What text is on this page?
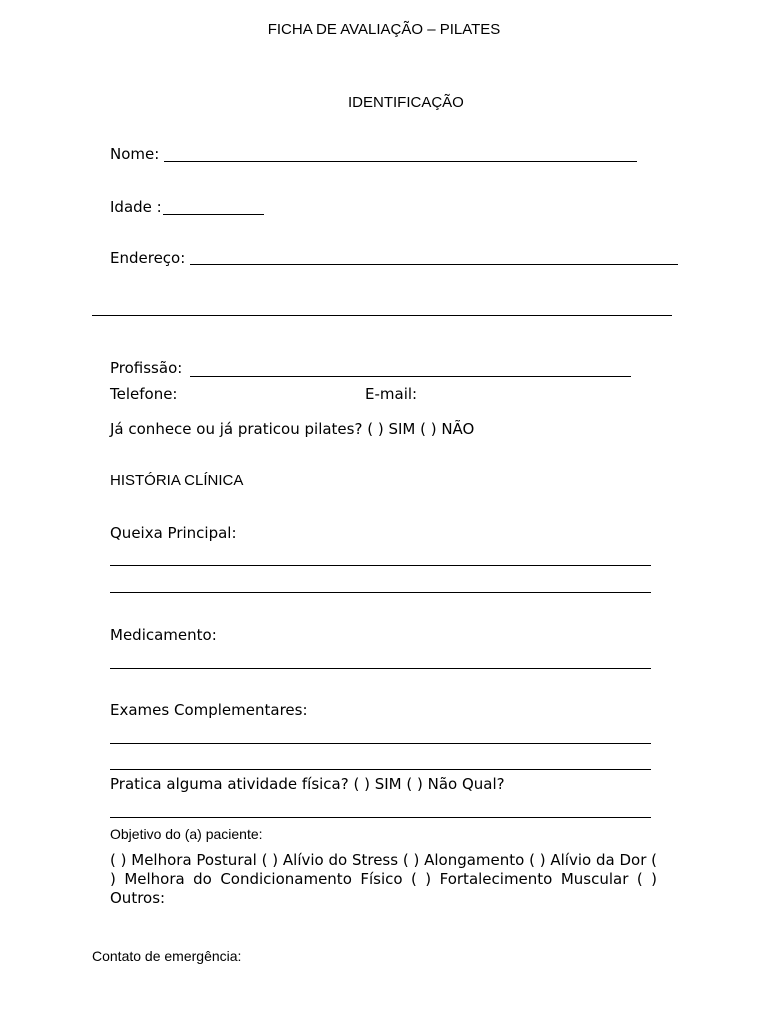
FICHA DE AVALIAÇÃO – PILATES
IDENTIFICAÇÃO
Nome:
Idade :
Endereço:
Profissão:
Telefone:	E-mail:
Já conhece ou já praticou pilates? ( ) SIM ( ) NÃO
HISTÓRIA CLÍNICA
Queixa Principal:
Medicamento:
Exames Complementares:
Pratica alguma atividade física? ( ) SIM ( ) Não Qual?
Objetivo do (a) paciente:
( ) Melhora Postural ( ) Alívio do Stress ( ) Alongamento ( ) Alívio da Dor ( ) Melhora do Condicionamento Físico ( ) Fortalecimento Muscular ( ) Outros:
Contato de emergência:
